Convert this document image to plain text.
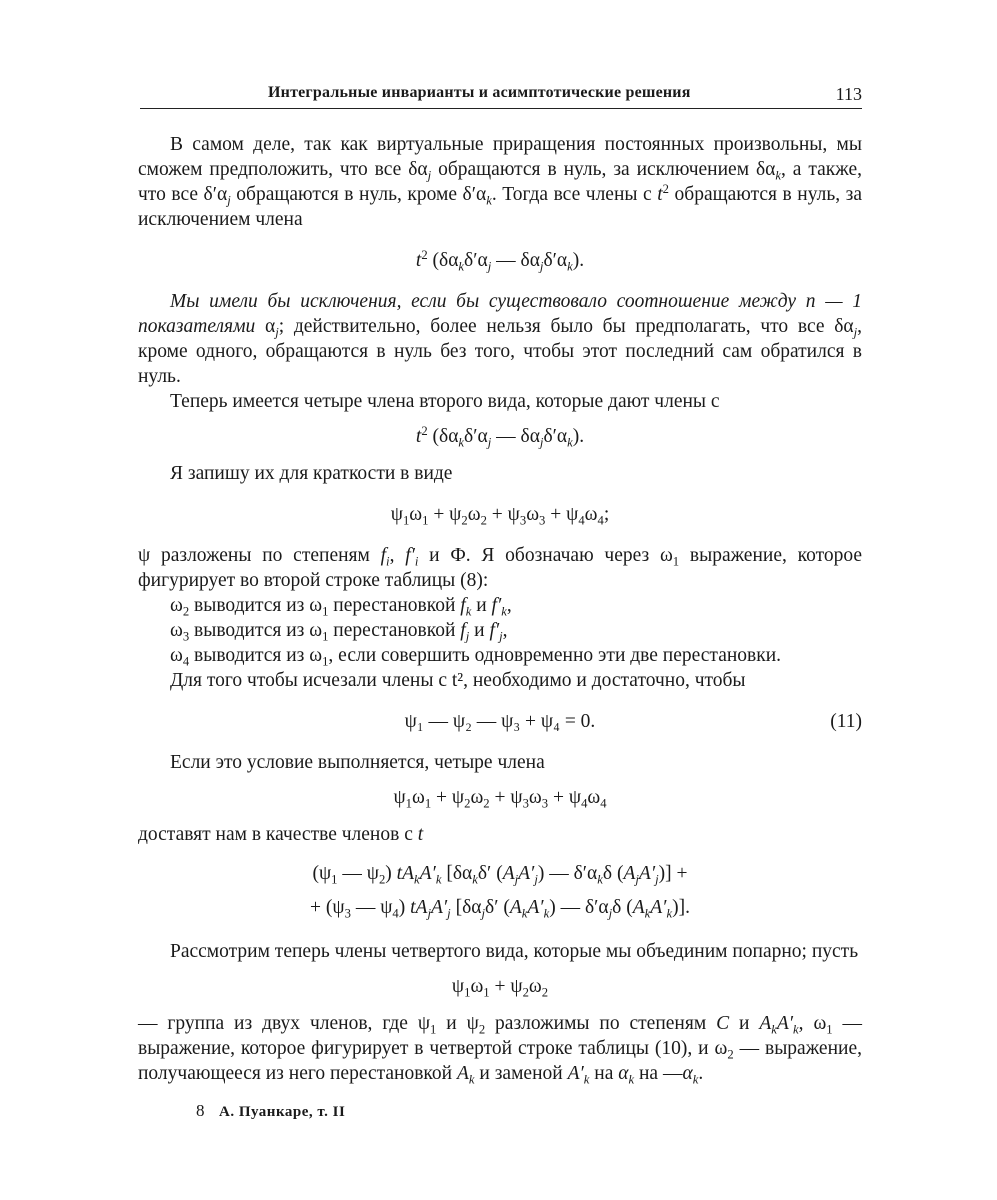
Интегральные инварианты и асимптотические решения	113

В самом деле, так как виртуальные приращения постоянных произвольны, мы сможем предположить, что все $\delta\alpha_j$ обращаются в нуль, за исключением $\delta\alpha_k$, а также, что все $\delta'\alpha_j$ обращаются в нуль, кроме $\delta'\alpha_k$. Тогда все члены с $t^2$ обращаются в нуль, за исключением члена

$t^2$ ($\delta\alpha_k\delta'\alpha_j$ — $\delta\alpha_j\delta'\alpha_k$).

Мы имели бы исключения, если бы существовало соотношение между n — 1 показателями $\alpha_j$; действительно, более нельзя было бы предполагать, что все $\delta\alpha_j$, кроме одного, обращаются в нуль без того, чтобы этот последний сам обратился в нуль.

Теперь имеется четыре члена второго вида, которые дают члены с

$t^2$ ($\delta\alpha_k\delta'\alpha_j$ — $\delta\alpha_j\delta'\alpha_k$).

Я запишу их для краткости в виде

$\psi_1\omega_1 + \psi_2\omega_2 + \psi_3\omega_3 + \psi_4\omega_4$;

ψ разложены по степеням $f_i$, $f'_i$ и Ф. Я обозначаю через $\omega_1$ выражение, которое фигурирует во второй строке таблицы (8):

$\omega_2$ выводится из $\omega_1$ перестановкой $f_k$ и $f'_k$,

$\omega_3$ выводится из $\omega_1$ перестановкой $f_j$ и $f'_j$,

$\omega_4$ выводится из $\omega_1$, если совершить одновременно эти две перестановки.

Для того чтобы исчезали члены с t², необходимо и достаточно, чтобы

ψ₁ — ψ₂ — ψ₃ + ψ₄ = 0.	(11)

Если это условие выполняется, четыре члена

$\psi_1\omega_1 + \psi_2\omega_2 + \psi_3\omega_3 + \psi_4\omega_4$

доставят нам в качестве членов с t

($\psi_1$ — $\psi_2$) $tA_kA'_k$ [$\delta\alpha_k\delta'$ $(A_jA'_j)$ — $\delta'\alpha_k\delta$ $(A_jA'_j)$] +
+ ($\psi_3$ — $\psi_4$) $tA_jA'_j$ [$\delta\alpha_j\delta'$ $(A_kA'_k)$ — $\delta'\alpha_j\delta$ $(A_kA'_k)$].

Рассмотрим теперь члены четвертого вида, которые мы объединим попарно; пусть

$\psi_1\omega_1 + \psi_2\omega_2$

— группа из двух членов, где $\psi_1$ и $\psi_2$ разложимы по степеням C и $A_kA'_k$, $\omega_1$ — выражение, которое фигурирует в четвертой строке таблицы (10), и $\omega_2$ — выражение, получающееся из него перестановкой $A_k$ и замeной $A'_k$ на $\alpha_k$ на $—\alpha_k$.

8 А. Пуанкаре, т. II
